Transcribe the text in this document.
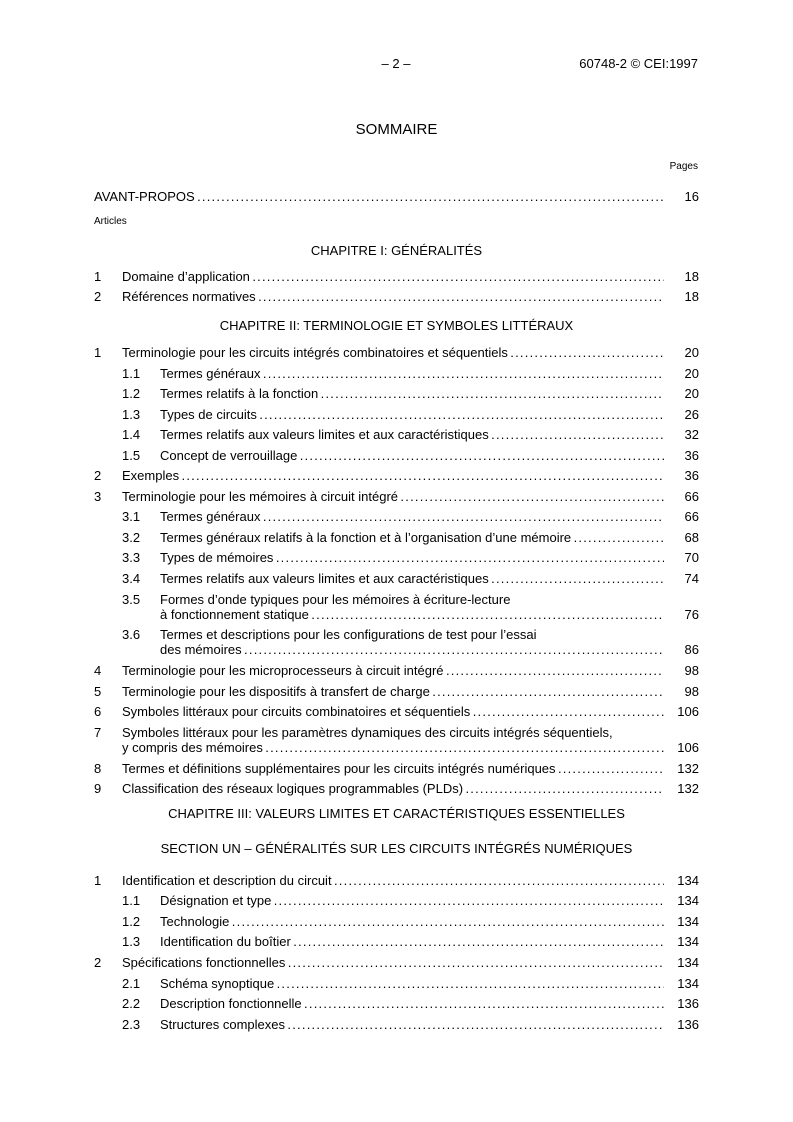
– 2 –	60748-2 © CEI:1997
SOMMAIRE
Pages
AVANT-PROPOS . . .	16
Articles
CHAPITRE I: GÉNÉRALITÉS
1 Domaine d’application . . .	18
2 Références normatives . . .	18
CHAPITRE II: TERMINOLOGIE ET SYMBOLES LITTÉRAUX
1 Terminologie pour les circuits intégrés combinatoires et séquentiels . . .	20
1.1 Termes généraux . . .	20
1.2 Termes relatifs à la fonction . . .	20
1.3 Types de circuits . . .	26
1.4 Termes relatifs aux valeurs limites et aux caractéristiques . . .	32
1.5 Concept de verrouillage . . .	36
2 Exemples . . .	36
3 Terminologie pour les mémoires à circuit intégré . . .	66
3.1 Termes généraux . . .	66
3.2 Termes généraux relatifs à la fonction et à l’organisation d’une mémoire . . .	68
3.3 Types de mémoires . . .	70
3.4 Termes relatifs aux valeurs limites et aux caractéristiques . . .	74
3.5 Formes d’onde typiques pour les mémoires à écriture-lecture
à fonctionnement statique . . .	76
3.6 Termes et descriptions pour les configurations de test pour l’essai
des mémoires . . .	86
4 Terminologie pour les microprocesseurs à circuit intégré . . .	98
5 Terminologie pour les dispositifs à transfert de charge . . .	98
6 Symboles littéraux pour circuits combinatoires et séquentiels . . .	106
7 Symboles littéraux pour les paramètres dynamiques des circuits intégrés séquentiels,
y compris des mémoires . . .	106
8 Termes et définitions supplémentaires pour les circuits intégrés numériques . . .	132
9 Classification des réseaux logiques programmables (PLDs) . . .	132
CHAPITRE III: VALEURS LIMITES ET CARACTÉRISTIQUES ESSENTIELLES
SECTION UN – GÉNÉRALITÉS SUR LES CIRCUITS INTÉGRÉS NUMÉRIQUES
1 Identification et description du circuit . . .	134
1.1 Désignation et type . . .	134
1.2 Technologie . . .	134
1.3 Identification du boîtier . . .	134
2 Spécifications fonctionnelles . . .	134
2.1 Schéma synoptique . . .	134
2.2 Description fonctionnelle . . .	136
2.3 Structures complexes . . .	136
